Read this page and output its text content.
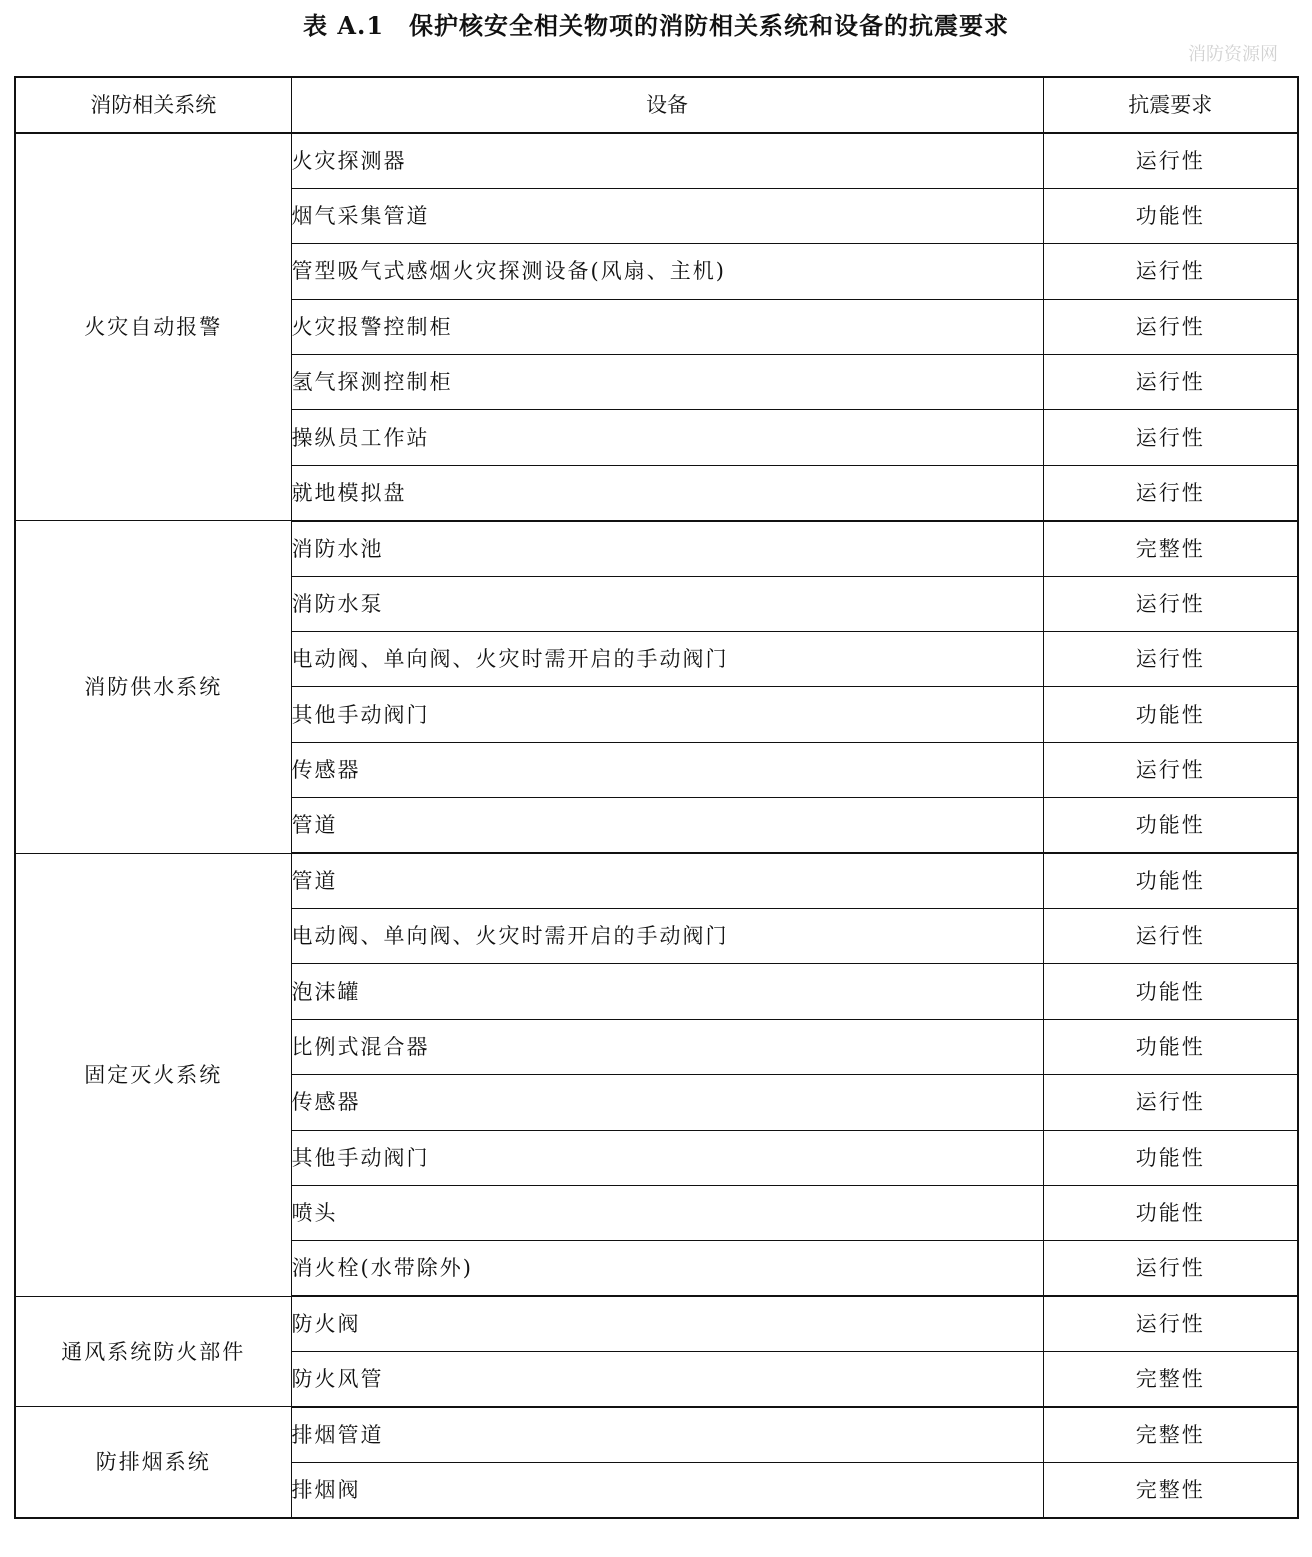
表 A.1　保护核安全相关物项的消防相关系统和设备的抗震要求
消防资源网
消防相关系统	设备	抗震要求
火灾自动报警	火灾探测器	运行性
	烟气采集管道	功能性
	管型吸气式感烟火灾探测设备(风扇、主机)	运行性
	火灾报警控制柜	运行性
	氢气探测控制柜	运行性
	操纵员工作站	运行性
	就地模拟盘	运行性
消防供水系统	消防水池	完整性
	消防水泵	运行性
	电动阀、单向阀、火灾时需开启的手动阀门	运行性
	其他手动阀门	功能性
	传感器	运行性
	管道	功能性
固定灭火系统	管道	功能性
	电动阀、单向阀、火灾时需开启的手动阀门	运行性
	泡沫罐	功能性
	比例式混合器	功能性
	传感器	运行性
	其他手动阀门	功能性
	喷头	功能性
	消火栓(水带除外)	运行性
通风系统防火部件	防火阀	运行性
	防火风管	完整性
防排烟系统	排烟管道	完整性
	排烟阀	完整性
